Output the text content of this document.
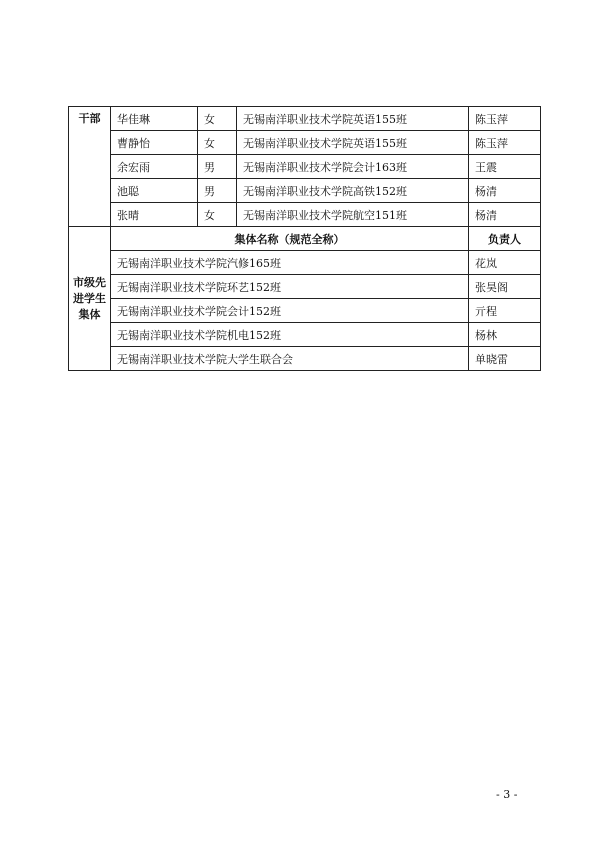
干部	华佳琳	女	无锡南洋职业技术学院英语155班	陈玉萍
	曹静怡	女	无锡南洋职业技术学院英语155班	陈玉萍
	余宏雨	男	无锡南洋职业技术学院会计163班	王震
	池聪	男	无锡南洋职业技术学院高铁152班	杨清
	张晴	女	无锡南洋职业技术学院航空151班	杨清

市级先
进学生
集体	集体名称（规范全称）			负责人
	无锡南洋职业技术学院汽修165班			花岚
	无锡南洋职业技术学院环艺152班			张昊阁
	无锡南洋职业技术学院会计152班			亓程
	无锡南洋职业技术学院机电152班			杨林
	无锡南洋职业技术学院大学生联合会			单晓雷
- 3 -
